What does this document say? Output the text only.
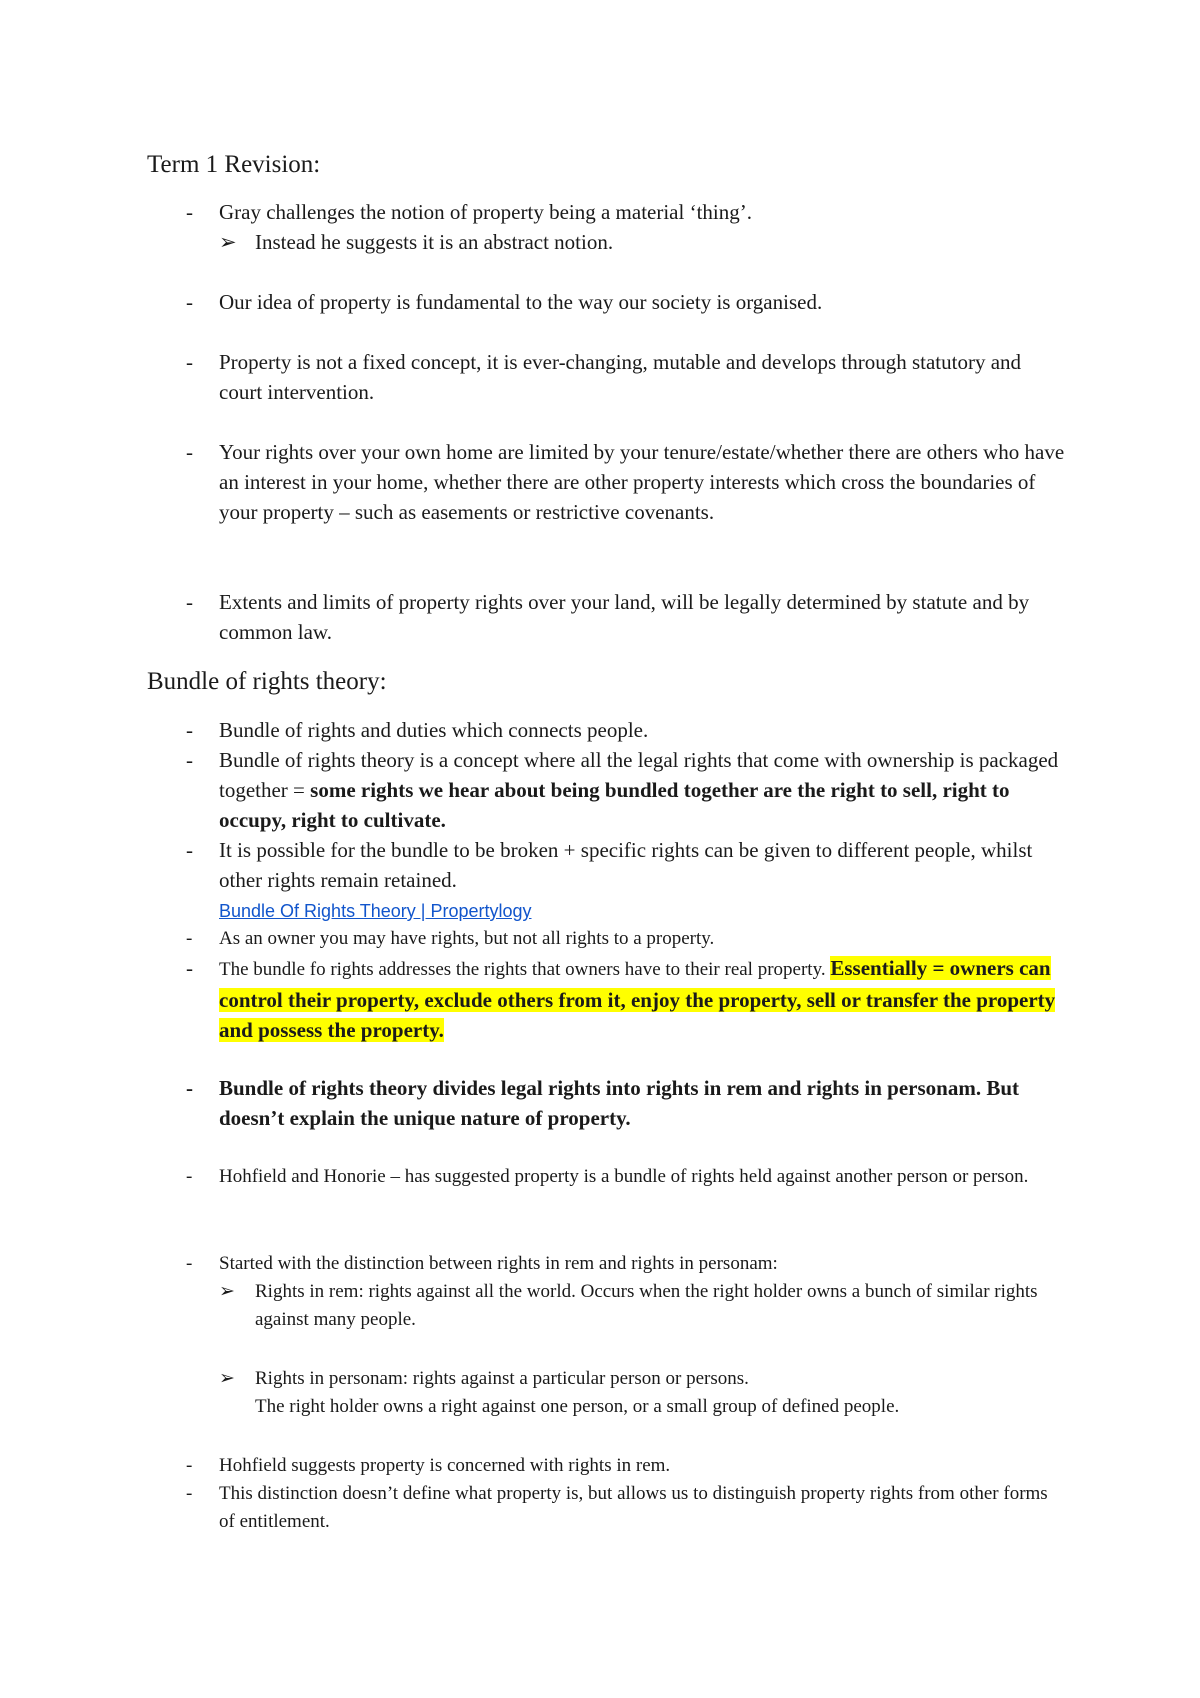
Term 1 Revision:

-	Gray challenges the notion of property being a material ‘thing’.

➢ Instead he suggests it is an abstract notion.

-	Our idea of property is fundamental to the way our society is organised.

-	Property is not a fixed concept, it is ever-changing, mutable and develops through statutory and court intervention.

-	Your rights over your own home are limited by your tenure/estate/whether there are others who have an interest in your home, whether there are other property interests which cross the boundaries of your property – such as easements or restrictive covenants.

-	Extents and limits of property rights over your land, will be legally determined by statute and by common law.

Bundle of rights theory:

-	Bundle of rights and duties which connects people.

-	Bundle of rights theory is a concept where all the legal rights that come with ownership is packaged together = some rights we hear about being bundled together are the right to sell, right to occupy, right to cultivate.

-	It is possible for the bundle to be broken + specific rights can be given to different people, whilst other rights remain retained.
Bundle Of Rights Theory | Propertylogy

-	As an owner you may have rights, but not all rights to a property.

-	The bundle fo rights addresses the rights that owners have to their real property. Essentially = owners can control their property, exclude others from it, enjoy the property, sell or transfer the property and possess the property.

-	Bundle of rights theory divides legal rights into rights in rem and rights in personam. But doesn’t explain the unique nature of property.

-	Hohfield and Honorie – has suggested property is a bundle of rights held against another person or person.

-	Started with the distinction between rights in rem and rights in personam:

➢	Rights in rem: rights against all the world. Occurs when the right holder owns a bunch of similar rights against many people.

➢	Rights in personam: rights against a particular person or persons.
The right holder owns a right against one person, or a small group of defined people.

-	Hohfield suggests property is concerned with rights in rem.

-	This distinction doesn’t define what property is, but allows us to distinguish property rights from other forms of entitlement.
